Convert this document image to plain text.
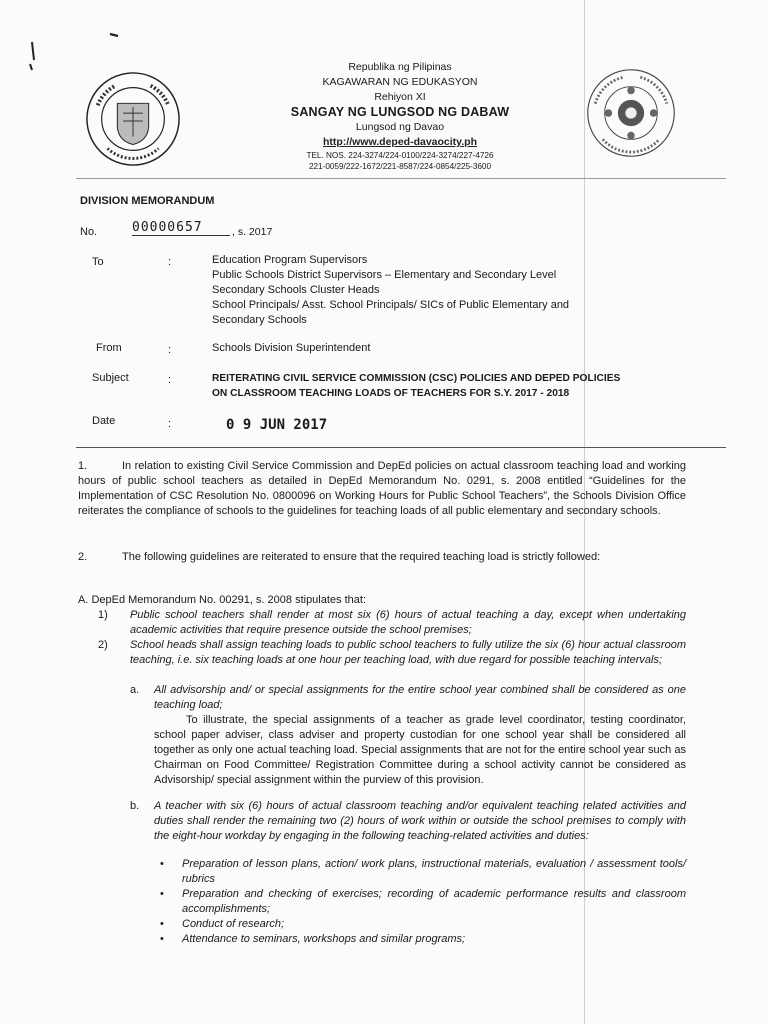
Republika ng Pilipinas
KAGAWARAN NG EDUKASYON
Rehiyon XI
SANGAY NG LUNGSOD NG DABAW
Lungsod ng Davao
http://www.deped-davaocity.ph
TEL. NOS. 224-3274/224-0100/224-3274/227-4726
221-0059/222-1672/221-8587/224-0854/225-3600
DIVISION MEMORANDUM
No.	00000657	, s. 2017
To	:	Education Program Supervisors
Public Schools District Supervisors – Elementary and Secondary Level
Secondary Schools Cluster Heads
School Principals/ Asst. School Principals/ SICs of Public Elementary and
Secondary Schools
From	:	Schools Division Superintendent
Subject	:	REITERATING CIVIL SERVICE COMMISSION (CSC) POLICIES AND DEPED POLICIES
ON CLASSROOM TEACHING LOADS OF TEACHERS FOR S.Y. 2017 - 2018
Date	:	0 9 JUN 2017
1.	In relation to existing Civil Service Commission and DepEd policies on actual classroom teaching load and working hours of public school teachers as detailed in DepEd Memorandum No. 0291, s. 2008 entitled “Guidelines for the Implementation of CSC Resolution No. 0800096 on Working Hours for Public School Teachers”, the Schools Division Office reiterates the compliance of schools to the guidelines for teaching loads of all public elementary and secondary schools.
2.	The following guidelines are reiterated to ensure that the required teaching load is strictly followed:
A. DepEd Memorandum No. 00291, s. 2008 stipulates that:
1) Public school teachers shall render at most six (6) hours of actual teaching a day, except when undertaking academic activities that require presence outside the school premises;
2) School heads shall assign teaching loads to public school teachers to fully utilize the six (6) hour actual classroom teaching, i.e. six teaching loads at one hour per teaching load, with due regard for possible teaching intervals;
a. All advisorship and/ or special assignments for the entire school year combined shall be considered as one teaching load;
To illustrate, the special assignments of a teacher as grade level coordinator, testing coordinator, school paper adviser, class adviser and property custodian for one school year shall be considered all together as only one actual teaching load. Special assignments that are not for the entire school year such as Chairman on Food Committee/ Registration Committee during a school activity cannot be considered as Advisorship/ special assignment within the purview of this provision.
b. A teacher with six (6) hours of actual classroom teaching and/or equivalent teaching related activities and duties shall render the remaining two (2) hours of work within or outside the school premises to comply with the eight-hour workday by engaging in the following teaching-related activities and duties:
• Preparation of lesson plans, action/ work plans, instructional materials, evaluation / assessment tools/ rubrics
• Preparation and checking of exercises; recording of academic performance results and classroom accomplishments;
• Conduct of research;
• Attendance to seminars, workshops and similar programs;
